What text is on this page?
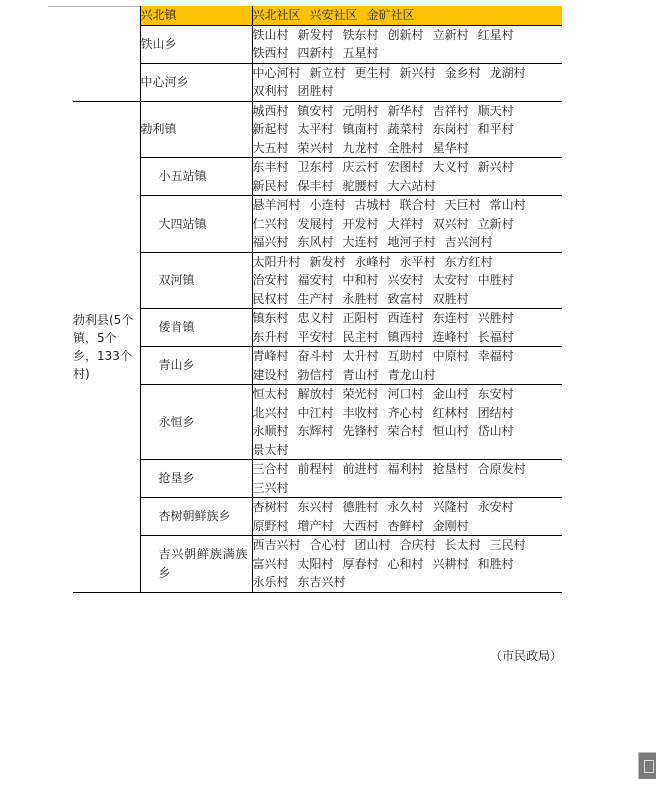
	兴北镇	兴北社区 兴安社区 金矿社区

	铁山乡	铁山村 新发村 铁东村 创新村 立新村 红星村
铁西村 四新村 五星村

	中心河乡	中心河村 新立村 更生村 新兴村 金乡村 龙湖村
双利村 团胜村

勃利县(5个镇，5个乡，133个村)	勃利镇	城西村 镇安村 元明村 新华村 吉祥村 顺天村
新起村 太平村 镇南村 蔬菜村 东岗村 和平村
大五村 荣兴村 九龙村 全胜村 星华村

	小五站镇	东丰村 卫东村 庆云村 宏图村 大义村 新兴村
新民村 保丰村 驼腰村 大六站村

	大四站镇	悬羊河村 小连村 古城村 联合村 天巨村 常山村
仁兴村 发展村 开发村 大祥村 双兴村 立新村
福兴村 东风村 大连村 地河子村 吉兴河村

	双河镇	太阳升村 新发村 永峰村 永平村 东方红村
治安村 福安村 中和村 兴安村 太安村 中胜村
民权村 生产村 永胜村 致富村 双胜村

	倭肯镇	镇东村 忠义村 正阳村 西连村 东连村 兴胜村
东升村 平安村 民主村 镇西村 连峰村 长福村

	青山乡	青峰村 奋斗村 太升村 互助村 中原村 幸福村
建设村 勃信村 青山村 青龙山村

	永恒乡	恒太村 解放村 荣光村 河口村 金山村 东安村
北兴村 中江村 丰收村 齐心村 红林村 团结村
永顺村 东辉村 先锋村 荣合村 恒山村 岱山村
景太村

	抢垦乡	三合村 前程村 前进村 福利村 抢垦村 合原发村
三兴村

	杏树朝鲜族乡	杏树村 东兴村 德胜村 永久村 兴隆村 永安村
原野村 增产村 大西村 杏鲜村 金刚村

	吉兴朝鲜族满族乡	西吉兴村 合心村 团山村 合庆村 长太村 三民村
富兴村 太阳村 厚春村 心和村 兴耕村 和胜村
永乐村 东吉兴村
（市民政局）
